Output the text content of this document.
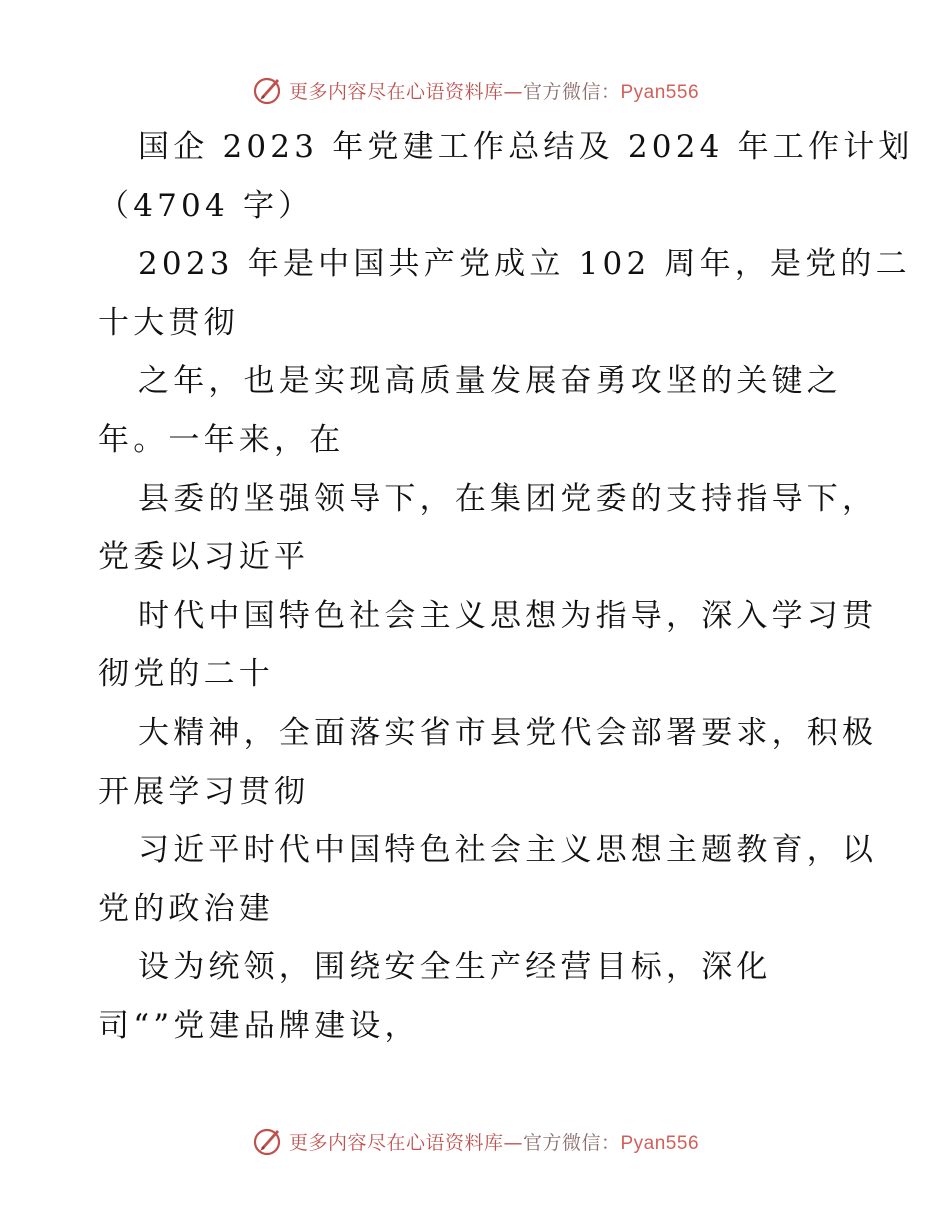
更多内容尽在心语资料库—官方微信：Pyan556
国企 2023 年党建工作总结及 2024 年工作计划
（4704 字）
2023 年是中国共产党成立 102 周年，是党的二
十大贯彻
之年，也是实现高质量发展奋勇攻坚的关键之
年。一年来，在
县委的坚强领导下，在集团党委的支持指导下，
党委以习近平
时代中国特色社会主义思想为指导，深入学习贯
彻党的二十
大精神，全面落实省市县党代会部署要求，积极
开展学习贯彻
习近平时代中国特色社会主义思想主题教育，以
党的政治建
设为统领，围绕安全生产经营目标，深化
司“”党建品牌建设，
更多内容尽在心语资料库—官方微信：Pyan556
